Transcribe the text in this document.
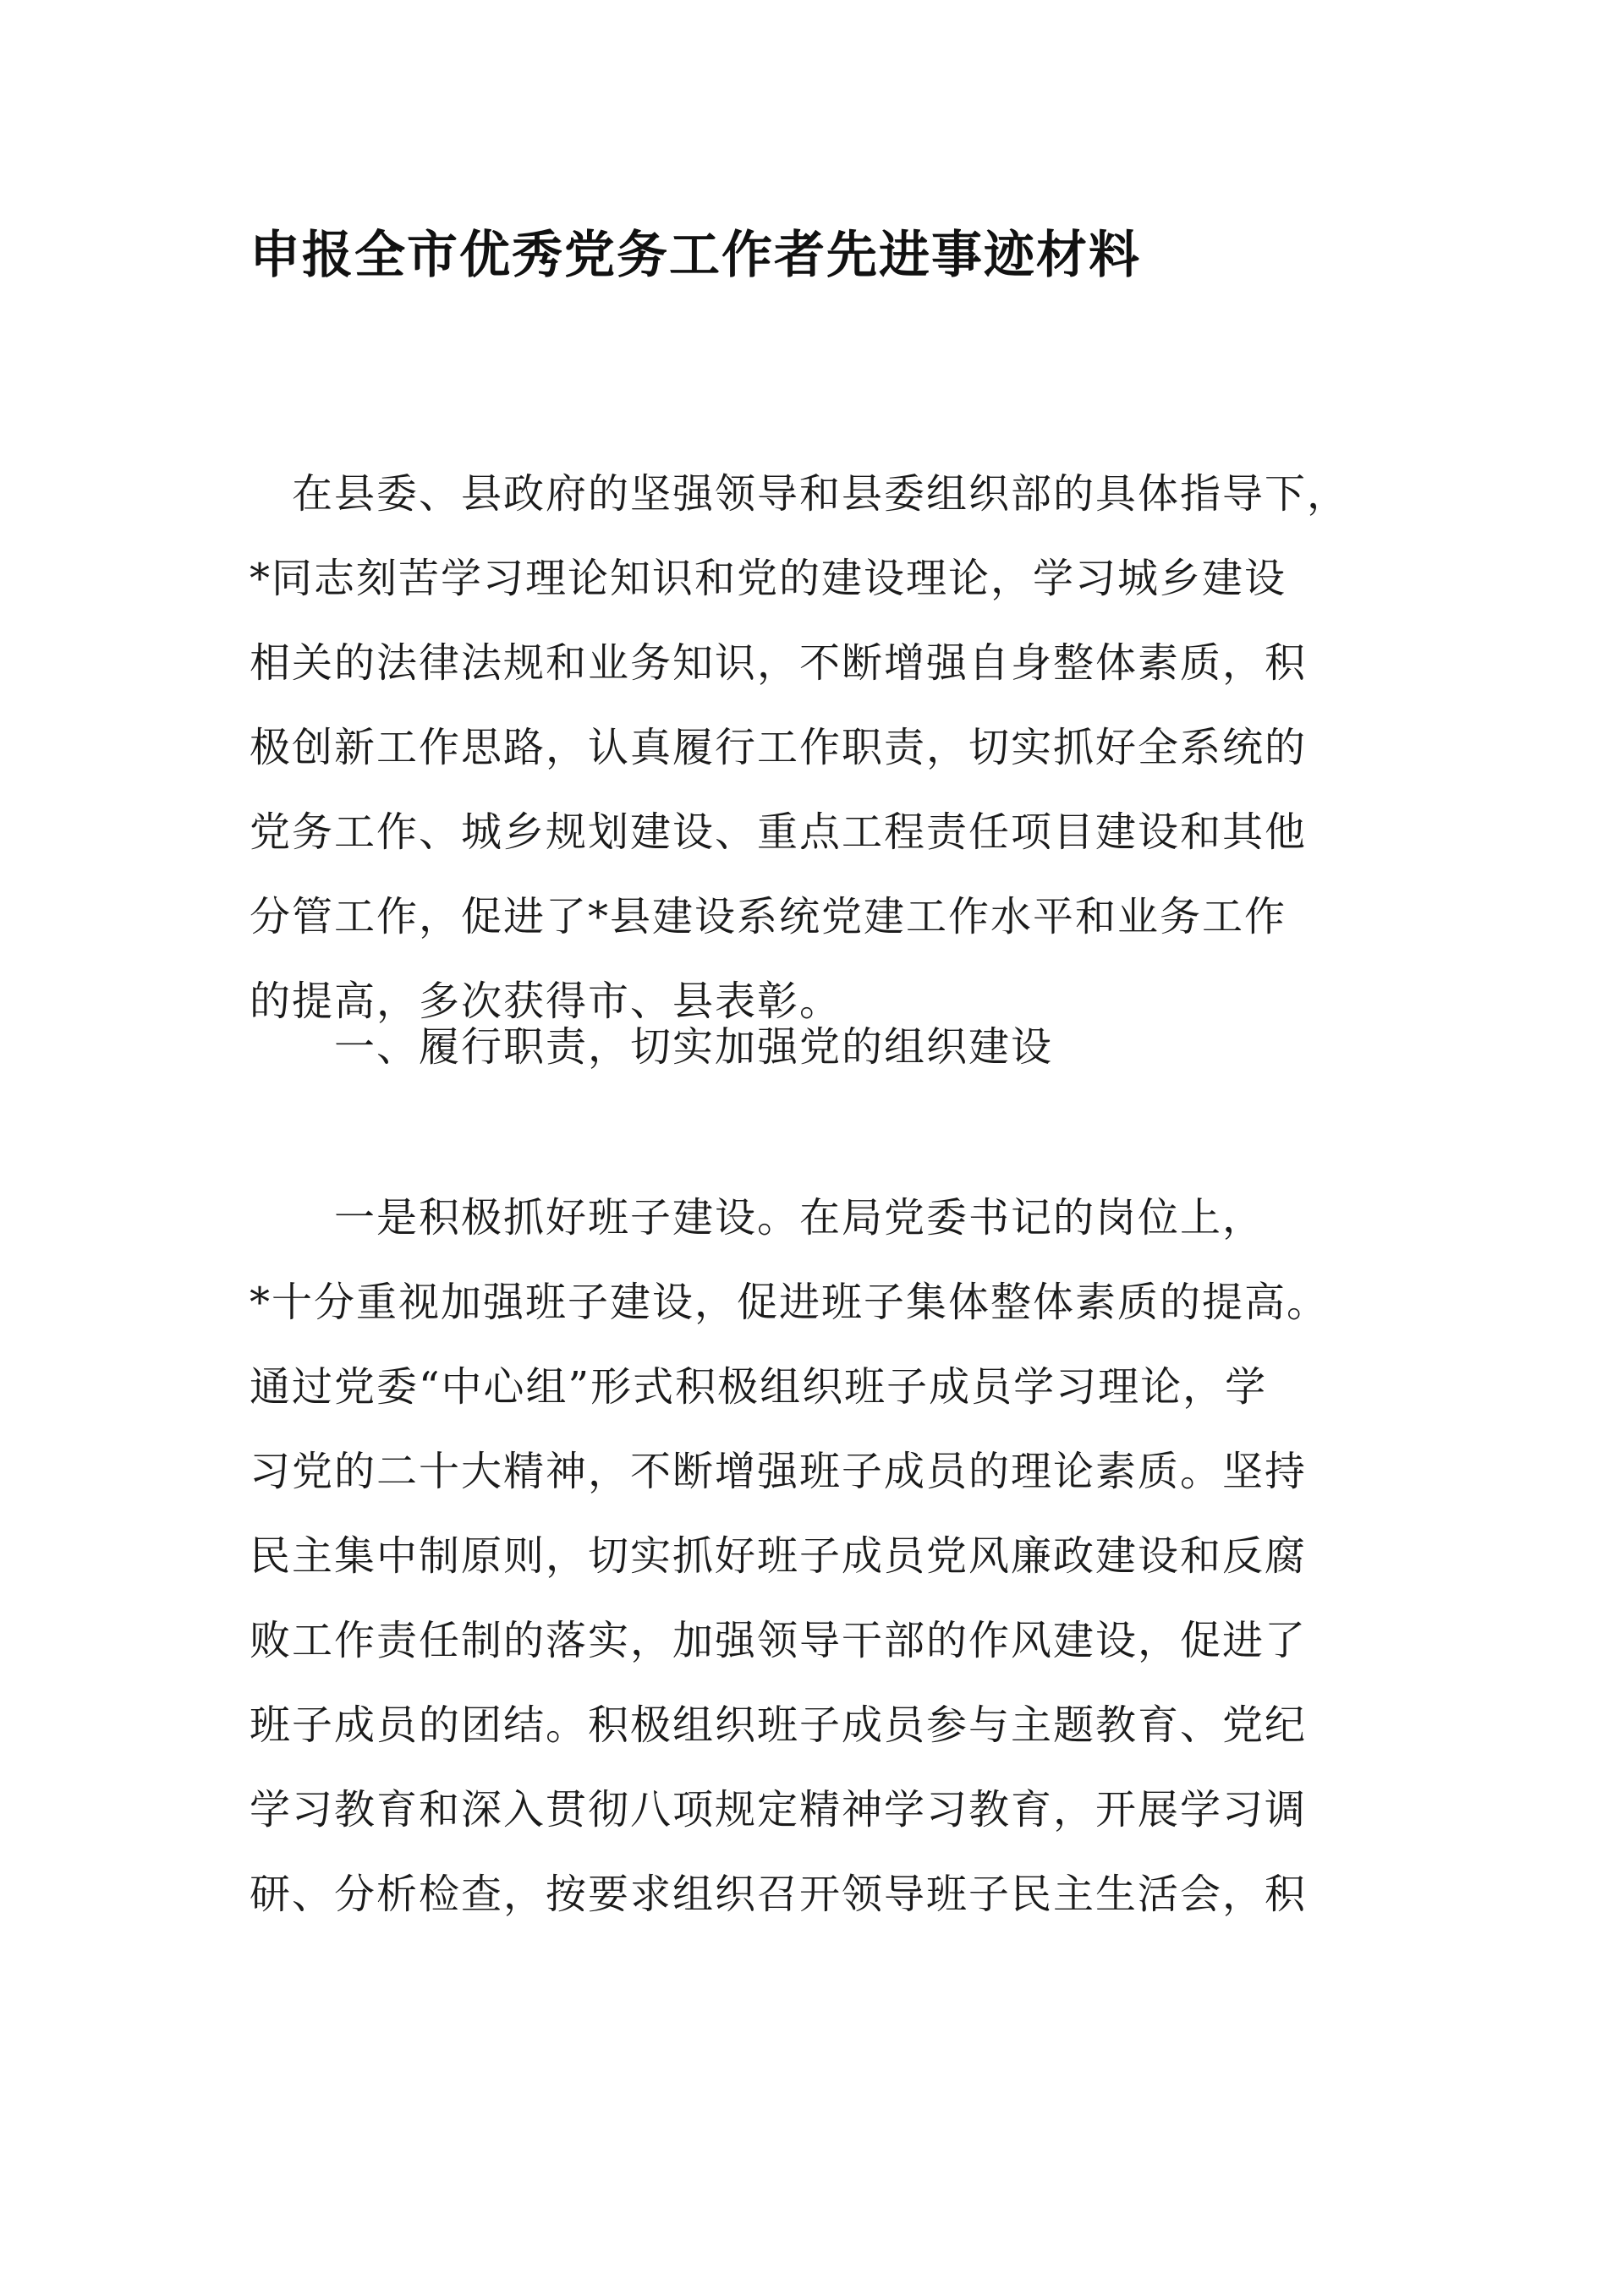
申报全市优秀党务工作者先进事迹材料
　在县委、县政府的坚强领导和县委组织部的具体指导下，
*同志刻苦学习理论知识和党的建设理论，学习城乡建设
相关的法律法规和业务知识，不断增强自身整体素质，积
极创新工作思路，认真履行工作职责，切实抓好全系统的
党务工作、城乡规划建设、重点工程责任项目建设和其他
分管工作，促进了*县建设系统党建工作水平和业务工作
的提高，多次获得市、县表彰。
　　一、履行职责，切实加强党的组织建设
　　一是积极抓好班子建设。在局党委书记的岗位上，
*十分重视加强班子建设，促进班子集体整体素质的提高。
通过党委“中心组”形式积极组织班子成员学习理论，学
习党的二十大精神，不断增强班子成员的理论素质。坚持
民主集中制原则，切实抓好班子成员党风廉政建设和反腐
败工作责任制的落实，加强领导干部的作风建设，促进了
班子成员的团结。积极组织班子成员参与主题教育、党纪
学习教育和深入贯彻八项规定精神学习教育，开展学习调
研、分析检查，按要求组织召开领导班子民主生活会，积
